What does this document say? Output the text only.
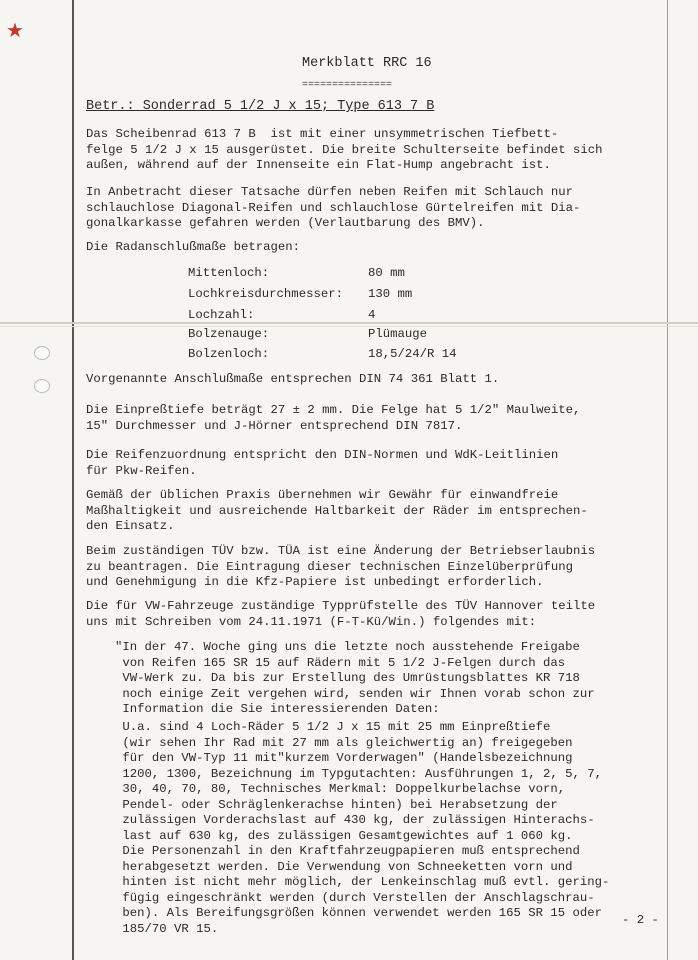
★
Merkblatt RRC 16
===============
Betr.: Sonderrad 5 1/2 J x 15; Type 613 7 B
Das Scheibenrad 613 7 B  ist mit einer unsymmetrischen Tiefbett-
felge 5 1/2 J x 15 ausgerüstet. Die breite Schulterseite befindet sich
außen, während auf der Innenseite ein Flat-Hump angebracht ist.
In Anbetracht dieser Tatsache dürfen neben Reifen mit Schlauch nur
schlauchlose Diagonal-Reifen und schlauchlose Gürtelreifen mit Dia-
gonalkarkasse gefahren werden (Verlautbarung des BMV).
Die Radanschlußmaße betragen:
Mittenloch:	80 mm
Lochkreisdurchmesser: 130 mm
Lochzahl:	4
Bolzenauge:	Plümauge
Bolzenloch:	18,5/24/R 14
Vorgenannte Anschlußmaße entsprechen DIN 74 361 Blatt 1.
Die Einpreßtiefe beträgt 27 ± 2 mm. Die Felge hat 5 1/2" Maulweite,
15" Durchmesser und J-Hörner entsprechend DIN 7817.
Die Reifenzuordnung entspricht den DIN-Normen und WdK-Leitlinien
für Pkw-Reifen.
Gemäß der üblichen Praxis übernehmen wir Gewähr für einwandfreie
Maßhaltigkeit und ausreichende Haltbarkeit der Räder im entsprechen-
den Einsatz.
Beim zuständigen TÜV bzw. TÜA ist eine Änderung der Betriebserlaubnis
zu beantragen. Die Eintragung dieser technischen Einzelüberprüfung
und Genehmigung in die Kfz-Papiere ist unbedingt erforderlich.
Die für VW-Fahrzeuge zuständige Typprüfstelle des TÜV Hannover teilte
uns mit Schreiben vom 24.11.1971 (F-T-Kü/Win.) folgendes mit:
"In der 47. Woche ging uns die letzte noch ausstehende Freigabe
von Reifen 165 SR 15 auf Rädern mit 5 1/2 J-Felgen durch das
VW-Werk zu. Da bis zur Erstellung des Umrüstungsblattes KR 718
noch einige Zeit vergehen wird, senden wir Ihnen vorab schon zur
Information die Sie interessierenden Daten:
U.a. sind 4 Loch-Räder 5 1/2 J x 15 mit 25 mm Einpreßtiefe
(wir sehen Ihr Rad mit 27 mm als gleichwertig an) freigegeben
für den VW-Typ 11 mit"kurzem Vorderwagen" (Handelsbezeichnung
1200, 1300, Bezeichnung im Typgutachten: Ausführungen 1, 2, 5, 7,
30, 40, 70, 80, Technisches Merkmal: Doppelkurbelachse vorn,
Pendel- oder Schräglenkerachse hinten) bei Herabsetzung der
zulässigen Vorderachslast auf 430 kg, der zulässigen Hinterachs-
last auf 630 kg, des zulässigen Gesamtgewichtes auf 1 060 kg.
Die Personenzahl in den Kraftfahrzeugpapieren muß entsprechend
herabgesetzt werden. Die Verwendung von Schneeketten vorn und
hinten ist nicht mehr möglich, der Lenkeinschlag muß evtl. gering-
fügig eingeschränkt werden (durch Verstellen der Anschlagschrau-
ben). Als Bereifungsgrößen können verwendet werden 165 SR 15 oder
185/70 VR 15.
- 2 -
